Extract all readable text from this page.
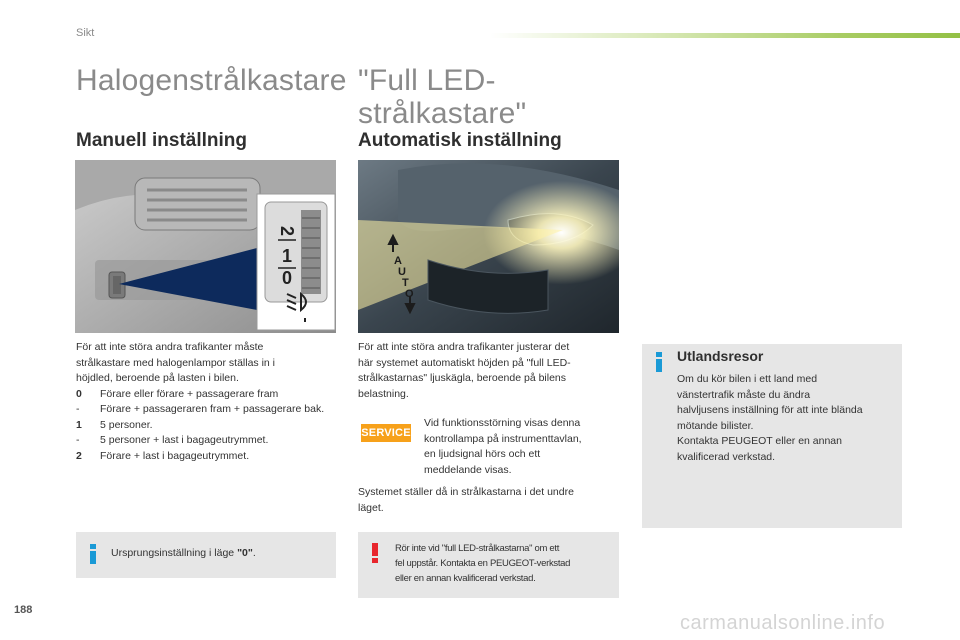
Sikt
Halogenstrålkastare
Manuell inställning
0
1
2

För att inte störa andra trafikanter måste

strålkastare med halogenlampor ställas in i

höjdled, beroende på lasten i bilen.

0	Förare eller förare + passagerare fram
-	Förare + passageraren fram + passagerare bak.
1	5 personer.
-	5 personer + last i bagageutrymmet.
2	Förare + last i bagageutrymmet.
Ursprungsinställning i läge "0".
"Full LED-
strålkastare"
Automatisk inställning
A
U
T
O

För att inte störa andra trafikanter justerar det

här systemet automatiskt höjden på "full LED-

strålkastarnas" ljuskägla, beroende på bilens

belastning.

SERVICE

Vid funktionsstörning visas denna

kontrollampa på instrumenttavlan,

en ljudsignal hörs och ett

meddelande visas.

Systemet ställer då in strålkastarna i det undre

läget.

Rör inte vid "full LED-strålkastarna" om ett

fel uppstår. Kontakta en PEUGEOT-verkstad

eller en annan kvalificerad verkstad.

Utlandsresor

Om du kör bilen i ett land med

vänstertrafik måste du ändra

halvljusens inställning för att inte blända

mötande bilister.

Kontakta PEUGEOT eller en annan

kvalificerad verkstad.

188
carmanualsonline.info
